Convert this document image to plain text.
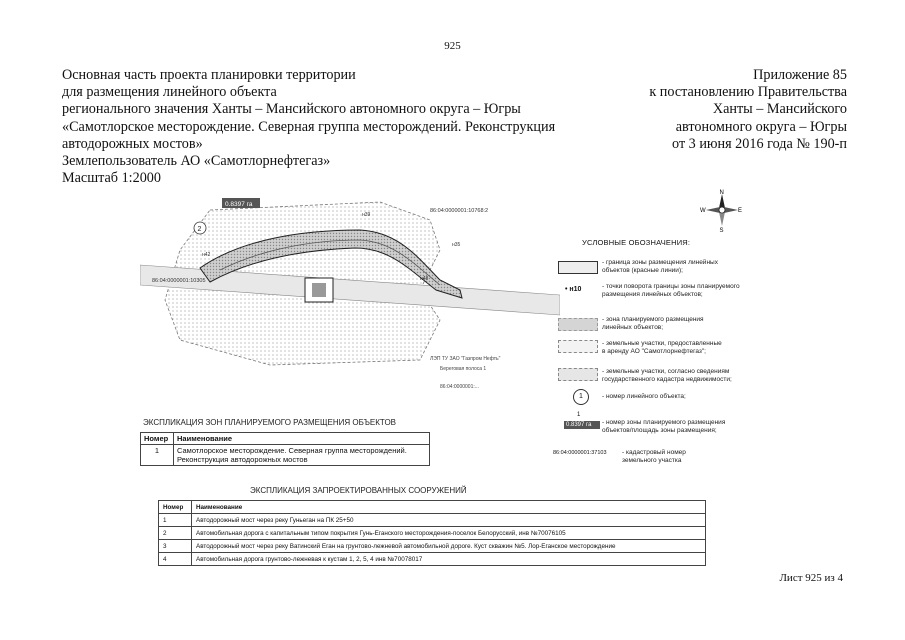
925
Основная часть проекта планировки территории
для размещения линейного объекта
регионального значения Ханты – Мансийского автономного округа – Югры
«Самотлорское месторождение. Северная группа месторождений. Реконструкция
автодорожных мостов»
Землепользователь АО «Самотлорнефтегаз»
Масштаб 1:2000
Приложение 85
к постановлению Правительства
Ханты – Мансийского
автономного округа – Югры
от 3 июня 2016 года № 190-п
0.8397 га
2
86:04:0000001:10768:2
86:04:0000001:10305
н39
н35
н42
н48
ЛЭП ТУ ЗАО "Газпром Нефть"
Береговая полоса 1
86:04:0000001:...
N
S
W	E
УСЛОВНЫЕ ОБОЗНАЧЕНИЯ:
• н10
1
1
0.8397 га
86:04:0000001:37103
- граница зоны размещения линейных
объектов (красные линии);
- точки поворота границы зоны планируемого
размещения линейных объектов;
- зона планируемого размещения
линейных объектов;
- земельные участки, предоставленные
в аренду АО "Самотлорнефтегаз";
- земельные участки, согласно сведениям
государственного кадастра недвижимости;
- номер линейного объекта;
- номер зоны планируемого размещения
объектов/площадь зоны размещения;
- кадастровый номер
земельного участка
ЭКСПЛИКАЦИЯ ЗОН ПЛАНИРУЕМОГО РАЗМЕЩЕНИЯ ОБЪЕКТОВ
Номер	Наименование
1	Самотлорское месторождение. Северная группа месторождений. Реконструкция автодорожных мостов
ЭКСПЛИКАЦИЯ ЗАПРОЕКТИРОВАННЫХ СООРУЖЕНИЙ
Номер	Наименование
1	Автодорожный мост через реку Гуньеган на ПК 25+50
2	Автомобильная дорога с капитальным типом покрытия Гунь-Еганского месторождения-поселок Белорусский, инв №70076105
3	Автодорожный мост через реку Ватинский Еган на грунтово-лежневой автомобильной дороге. Куст скважин №5. Лор-Еганское месторождение
4	Автомобильная дорога грунтово-лежневая к кустам 1, 2, 5, 4 инв №70078017
Лист 925 из 4
